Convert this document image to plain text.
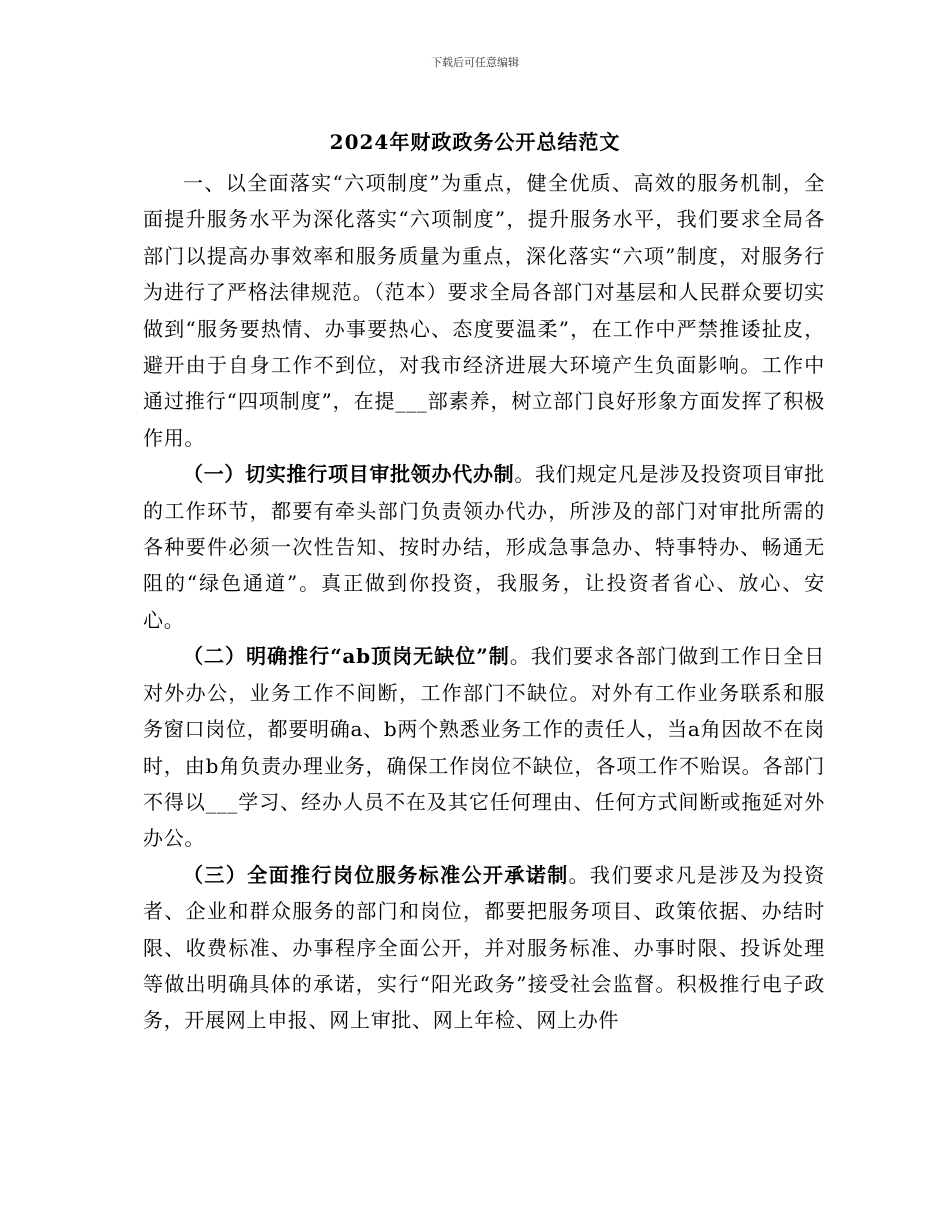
下载后可任意编辑
2024年财政政务公开总结范文

一、以全面落实“六项制度”为重点，健全优质、高效的服务机制，全面提升服务水平为深化落实“六项制度”，提升服务水平，我们要求全局各部门以提高办事效率和服务质量为重点，深化落实“六项”制度，对服务行为进行了严格法律规范。（范本）要求全局各部门对基层和人民群众要切实做到“服务要热情、办事要热心、态度要温柔”，在工作中严禁推诿扯皮，避开由于自身工作不到位，对我市经济进展大环境产生负面影响。工作中通过推行“四项制度”，在提___部素养，树立部门良好形象方面发挥了积极作用。

（一）切实推行项目审批领办代办制。我们规定凡是涉及投资项目审批的工作环节，都要有牵头部门负责领办代办，所涉及的部门对审批所需的各种要件必须一次性告知、按时办结，形成急事急办、特事特办、畅通无阻的“绿色通道”。真正做到你投资，我服务，让投资者省心、放心、安心。

（二）明确推行“ab顶岗无缺位”制。我们要求各部门做到工作日全日对外办公，业务工作不间断，工作部门不缺位。对外有工作业务联系和服务窗口岗位，都要明确a、b两个熟悉业务工作的责任人，当a角因故不在岗时，由b角负责办理业务，确保工作岗位不缺位，各项工作不贻误。各部门不得以___学习、经办人员不在及其它任何理由、任何方式间断或拖延对外办公。

（三）全面推行岗位服务标准公开承诺制。我们要求凡是涉及为投资者、企业和群众服务的部门和岗位，都要把服务项目、政策依据、办结时限、收费标准、办事程序全面公开，并对服务标准、办事时限、投诉处理等做出明确具体的承诺，实行“阳光政务”接受社会监督。积极推行电子政务，开展网上申报、网上审批、网上年检、网上办件
